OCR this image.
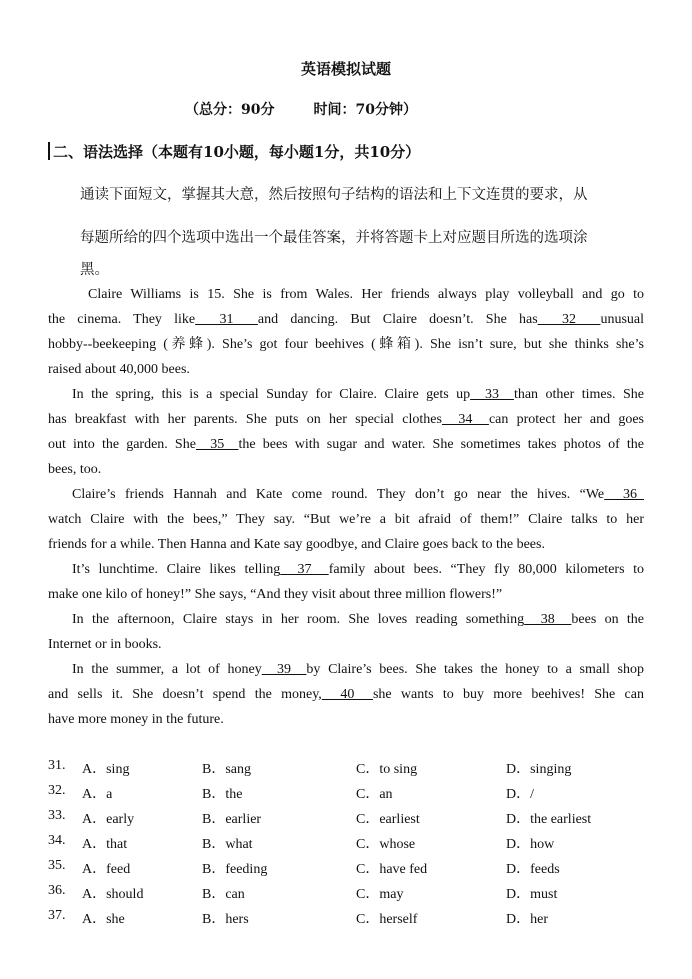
英语模拟试题
（总分：90分	时间：70分钟）
二、语法选择（本题有10小题，每小题1分，共10分）
通读下面短文，掌握其大意，然后按照句子结构的语法和上下文连贯的要求，从
每题所给的四个选项中选出一个最佳答案，并将答题卡上对应题目所选的选项涂
黑。
Claire Williams is 15. She is from Wales. Her friends always play volleyball and go to
the cinema. They like  31  and dancing. But Claire doesn’t. She has  32  unusual
hobby--beekeeping (养蜂). She’s got four beehives (蜂箱). She isn’t sure, but she thinks she’s
raised about 40,000 bees.
In the spring, this is a special Sunday for Claire. Claire gets up  33  than other times. She
has breakfast with her parents. She puts on her special clothes  34  can protect her and goes
out into the garden. She  35  the bees with sugar and water. She sometimes takes photos of the
bees, too.
Claire’s friends Hannah and Kate come round. They don’t go near the hives. “We  36
watch Claire with the bees,” They say. “But we’re a bit afraid of them!” Claire talks to her
friends for a while. Then Hanna and Kate say goodbye, and Claire goes back to the bees.
It’s lunchtime. Claire likes telling  37  family about bees. “They fly 80,000 kilometers to
make one kilo of honey!” She says, “And they visit about three million flowers!”
In the afternoon, Claire stays in her room. She loves reading something  38  bees on the
Internet or in books.
In the summer, a lot of honey  39  by Claire’s bees. She takes the honey to a small shop
and sells it. She doesn’t spend the money,  40  she wants to buy more beehives! She can
have more money in the future.
31. A．sing	B．sang	C．to sing	D．singing
32. A．a	B．the	C．an	D．/
33. A．early	B．earlier	C．earliest	D．the earliest
34. A．that	B．what	C．whose	D．how
35. A．feed	B．feeding	C．have fed	D．feeds
36. A．should	B．can	C．may	D．must
37. A．she	B．hers	C．herself	D．her
